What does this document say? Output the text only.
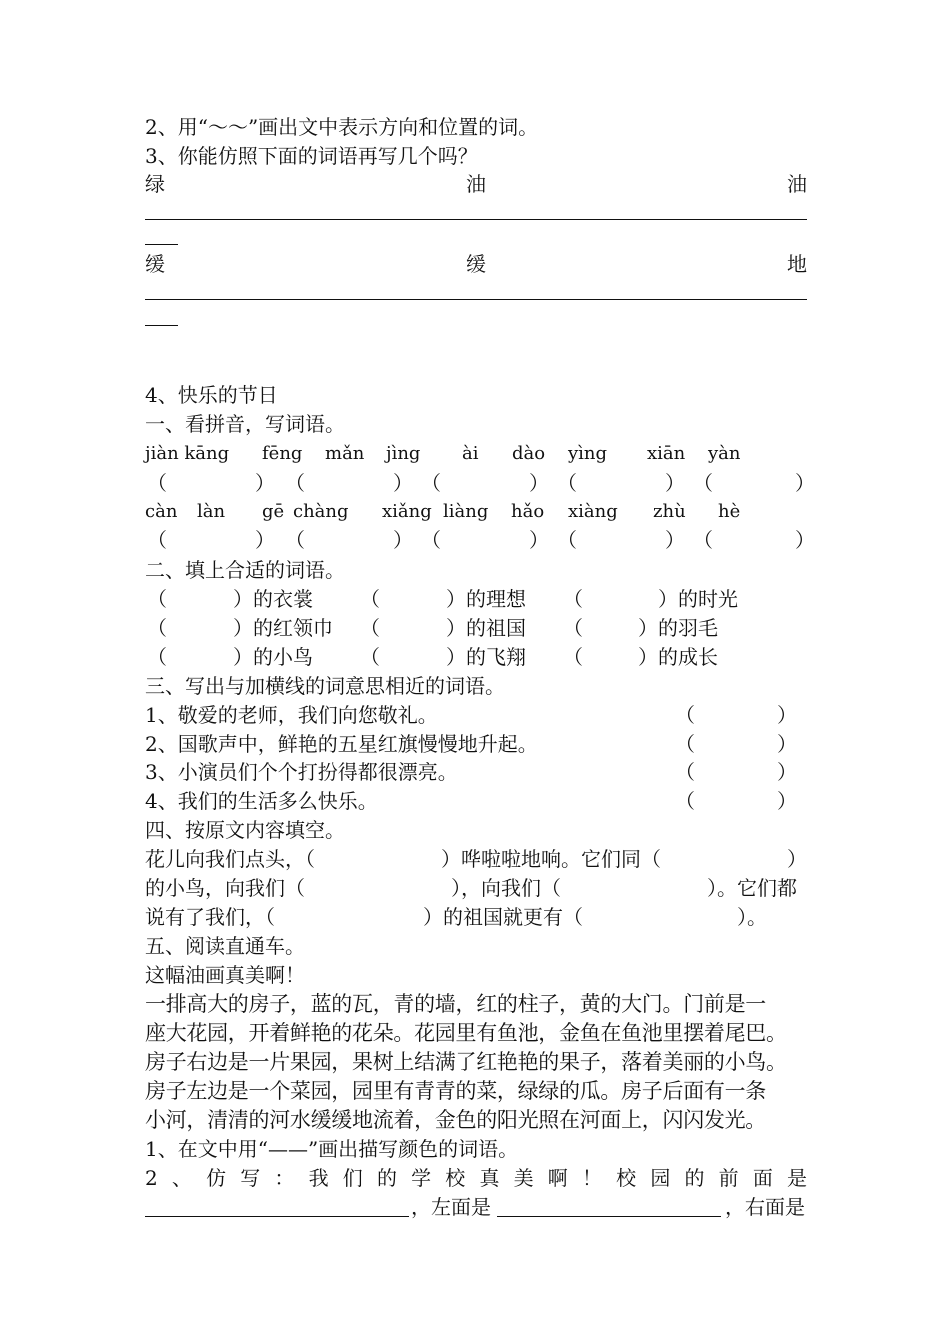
2、用“～～”画出文中表示方向和位置的词。
3、你能仿照下面的词语再写几个吗？
绿	油	油
缓	缓	地
4、快乐的节日
一、看拼音，写词语。
jiàn kāng fēng mǎn jìng ài dào yìng xiān yàn
（	） （	） （	） （	） （	）
càn làn gē chàng xiǎng liàng hǎo xiàng zhù hè
（	） （	） （	） （	） （	）
二、填上合适的词语。
（	）的衣裳 （	）的理想 （	）的时光
（	）的红领巾 （	）的祖国 （	）的羽毛
（	）的小鸟 （	）的飞翔 （	）的成长
三、写出与加横线的词意思相近的词语。
1、敬爱的老师，我们向您敬礼。	（	）
2、国歌声中，鲜艳的五星红旗慢慢地升起。	（	）
3、小演员们个个打扮得都很漂亮。	（	）
4、我们的生活多么快乐。	（	）
四、按原文内容填空。
花儿向我们点头，（	）哗啦啦地响。它们同（	）
的小鸟，向我们（	），向我们（	）。它们都
说有了我们，（	）的祖国就更有（	）。
五、阅读直通车。
这幅油画真美啊！
一排高大的房子，蓝的瓦，青的墙，红的柱子，黄的大门。门前是一
座大花园，开着鲜艳的花朵。花园里有鱼池，金鱼在鱼池里摆着尾巴。
房子右边是一片果园，果树上结满了红艳艳的果子，落着美丽的小鸟。
房子左边是一个菜园，园里有青青的菜，绿绿的瓜。房子后面有一条
小河，清清的河水缓缓地流着，金色的阳光照在河面上，闪闪发光。
1、在文中用“——”画出描写颜色的词语。
2 、 仿 写 ： 我 们 的 学 校 真 美 啊 ！ 校 园 的 前 面 是
，左面是	，右面是
